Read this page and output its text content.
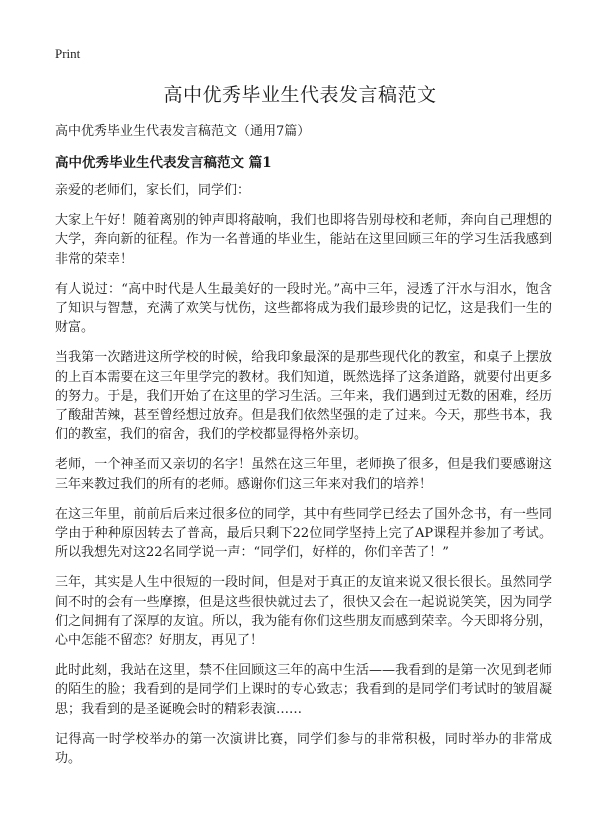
Print
高中优秀毕业生代表发言稿范文

高中优秀毕业生代表发言稿范文（通用7篇）

高中优秀毕业生代表发言稿范文 篇1

亲爱的老师们，家长们，同学们：

大家上午好！随着离别的钟声即将敲响，我们也即将告别母校和老师，奔向自己理想的大学，奔向新的征程。作为一名普通的毕业生，能站在这里回顾三年的学习生活我感到非常的荣幸！

有人说过：“高中时代是人生最美好的一段时光。”高中三年，浸透了汗水与泪水，饱含了知识与智慧，充满了欢笑与忧伤，这些都将成为我们最珍贵的记忆，这是我们一生的财富。

当我第一次踏进这所学校的时候，给我印象最深的是那些现代化的教室，和桌子上摆放的上百本需要在这三年里学完的教材。我们知道，既然选择了这条道路，就要付出更多的努力。于是，我们开始了在这里的学习生活。三年来，我们遇到过无数的困难，经历了酸甜苦辣，甚至曾经想过放弃。但是我们依然坚强的走了过来。今天，那些书本，我们的教室，我们的宿舍，我们的学校都显得格外亲切。

老师，一个神圣而又亲切的名字！虽然在这三年里，老师换了很多，但是我们要感谢这三年来教过我们的所有的老师。感谢你们这三年来对我们的培养！

在这三年里，前前后后来过很多位的同学，其中有些同学已经去了国外念书，有一些同学由于种种原因转去了普高，最后只剩下22位同学坚持上完了AP课程并参加了考试。所以我想先对这22名同学说一声：“同学们，好样的，你们辛苦了！”

三年，其实是人生中很短的一段时间，但是对于真正的友谊来说又很长很长。虽然同学间不时的会有一些摩擦，但是这些很快就过去了，很快又会在一起说说笑笑，因为同学们之间拥有了深厚的友谊。所以，我为能有你们这些朋友而感到荣幸。今天即将分别，心中怎能不留恋？好朋友，再见了！

此时此刻，我站在这里，禁不住回顾这三年的高中生活——我看到的是第一次见到老师的陌生的脸；我看到的是同学们上课时的专心致志；我看到的是同学们考试时的皱眉凝思；我看到的是圣诞晚会时的精彩表演……

记得高一时学校举办的第一次演讲比赛，同学们参与的非常积极，同时举办的非常成功。
